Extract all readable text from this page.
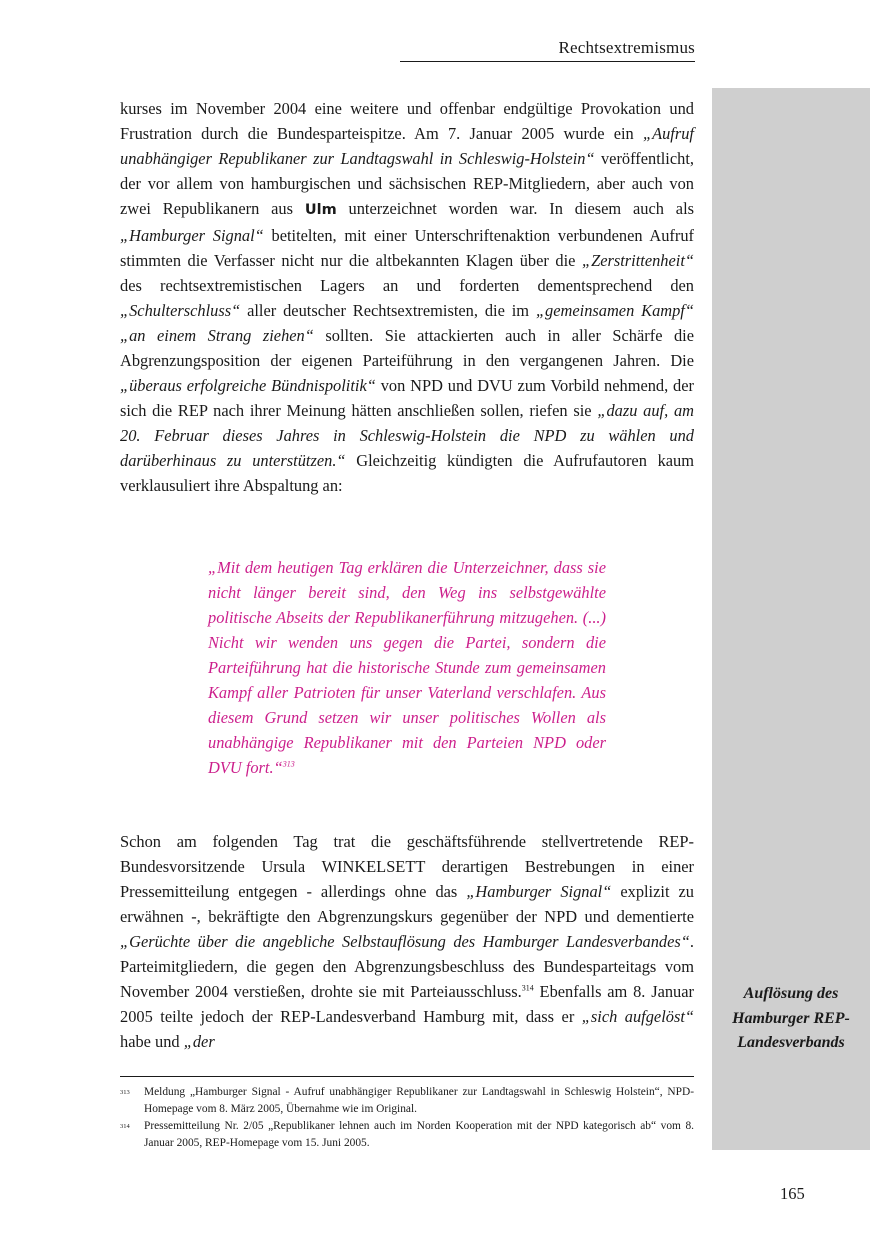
Rechtsextremismus
kurses im November 2004 eine weitere und offenbar endgültige Provokation und Frustration durch die Bundesparteispitze. Am 7. Januar 2005 wurde ein „Aufruf unabhängiger Republikaner zur Landtagswahl in Schleswig-Holstein“ veröffentlicht, der vor allem von hamburgischen und sächsischen REP-Mitgliedern, aber auch von zwei Republikanern aus Ulm unterzeichnet worden war. In diesem auch als „Hamburger Signal“ betitelten, mit einer Unterschriftenaktion verbundenen Aufruf stimmten die Verfasser nicht nur die altbekannten Klagen über die „Zerstrittenheit“ des rechtsextremistischen Lagers an und forderten dementsprechend den „Schulterschluss“ aller deutscher Rechtsextremisten, die im „gemeinsamen Kampf“ „an einem Strang ziehen“ sollten. Sie attackierten auch in aller Schärfe die Abgrenzungsposition der eigenen Parteiführung in den vergangenen Jahren. Die „überaus erfolgreiche Bündnispolitik“ von NPD und DVU zum Vorbild nehmend, der sich die REP nach ihrer Meinung hätten anschließen sollen, riefen sie „dazu auf, am 20. Februar dieses Jahres in Schleswig-Holstein die NPD zu wählen und darüberhinaus zu unterstützen.“ Gleichzeitig kündigten die Aufrufautoren kaum verklausuliert ihre Abspaltung an:
„Mit dem heutigen Tag erklären die Unterzeichner, dass sie nicht länger bereit sind, den Weg ins selbstgewählte politische Abseits der Republikanerführung mitzugehen. (...) Nicht wir wenden uns gegen die Partei, sondern die Parteiführung hat die historische Stunde zum gemeinsamen Kampf aller Patrioten für unser Vaterland verschlafen. Aus diesem Grund setzen wir unser politisches Wollen als unabhängige Republikaner mit den Parteien NPD oder DVU fort.“$^{313}$
Schon am folgenden Tag trat die geschäftsführende stellvertretende REP-Bundesvorsitzende Ursula WINKELSETT derartigen Bestrebungen in einer Pressemitteilung entgegen - allerdings ohne das „Hamburger Signal“ explizit zu erwähnen -, bekräftigte den Abgrenzungskurs gegenüber der NPD und dementierte „Gerüchte über die angebliche Selbstauflösung des Hamburger Landesverbandes“. Parteimitgliedern, die gegen den Abgrenzungsbeschluss des Bundesparteitags vom November 2004 verstießen, drohte sie mit Parteiausschluss.$^{314}$ Ebenfalls am 8. Januar 2005 teilte jedoch der REP-Landesverband Hamburg mit, dass er „sich aufgelöst“ habe und „der
Auflösung des
Hamburger REP-
Landesverbands
313 Meldung „Hamburger Signal - Aufruf unabhängiger Republikaner zur Landtagswahl in Schleswig Holstein“, NPD-Homepage vom 8. März 2005, Übernahme wie im Original.
314 Pressemitteilung Nr. 2/05 „Republikaner lehnen auch im Norden Kooperation mit der NPD kategorisch ab“ vom 8. Januar 2005, REP-Homepage vom 15. Juni 2005.
165
